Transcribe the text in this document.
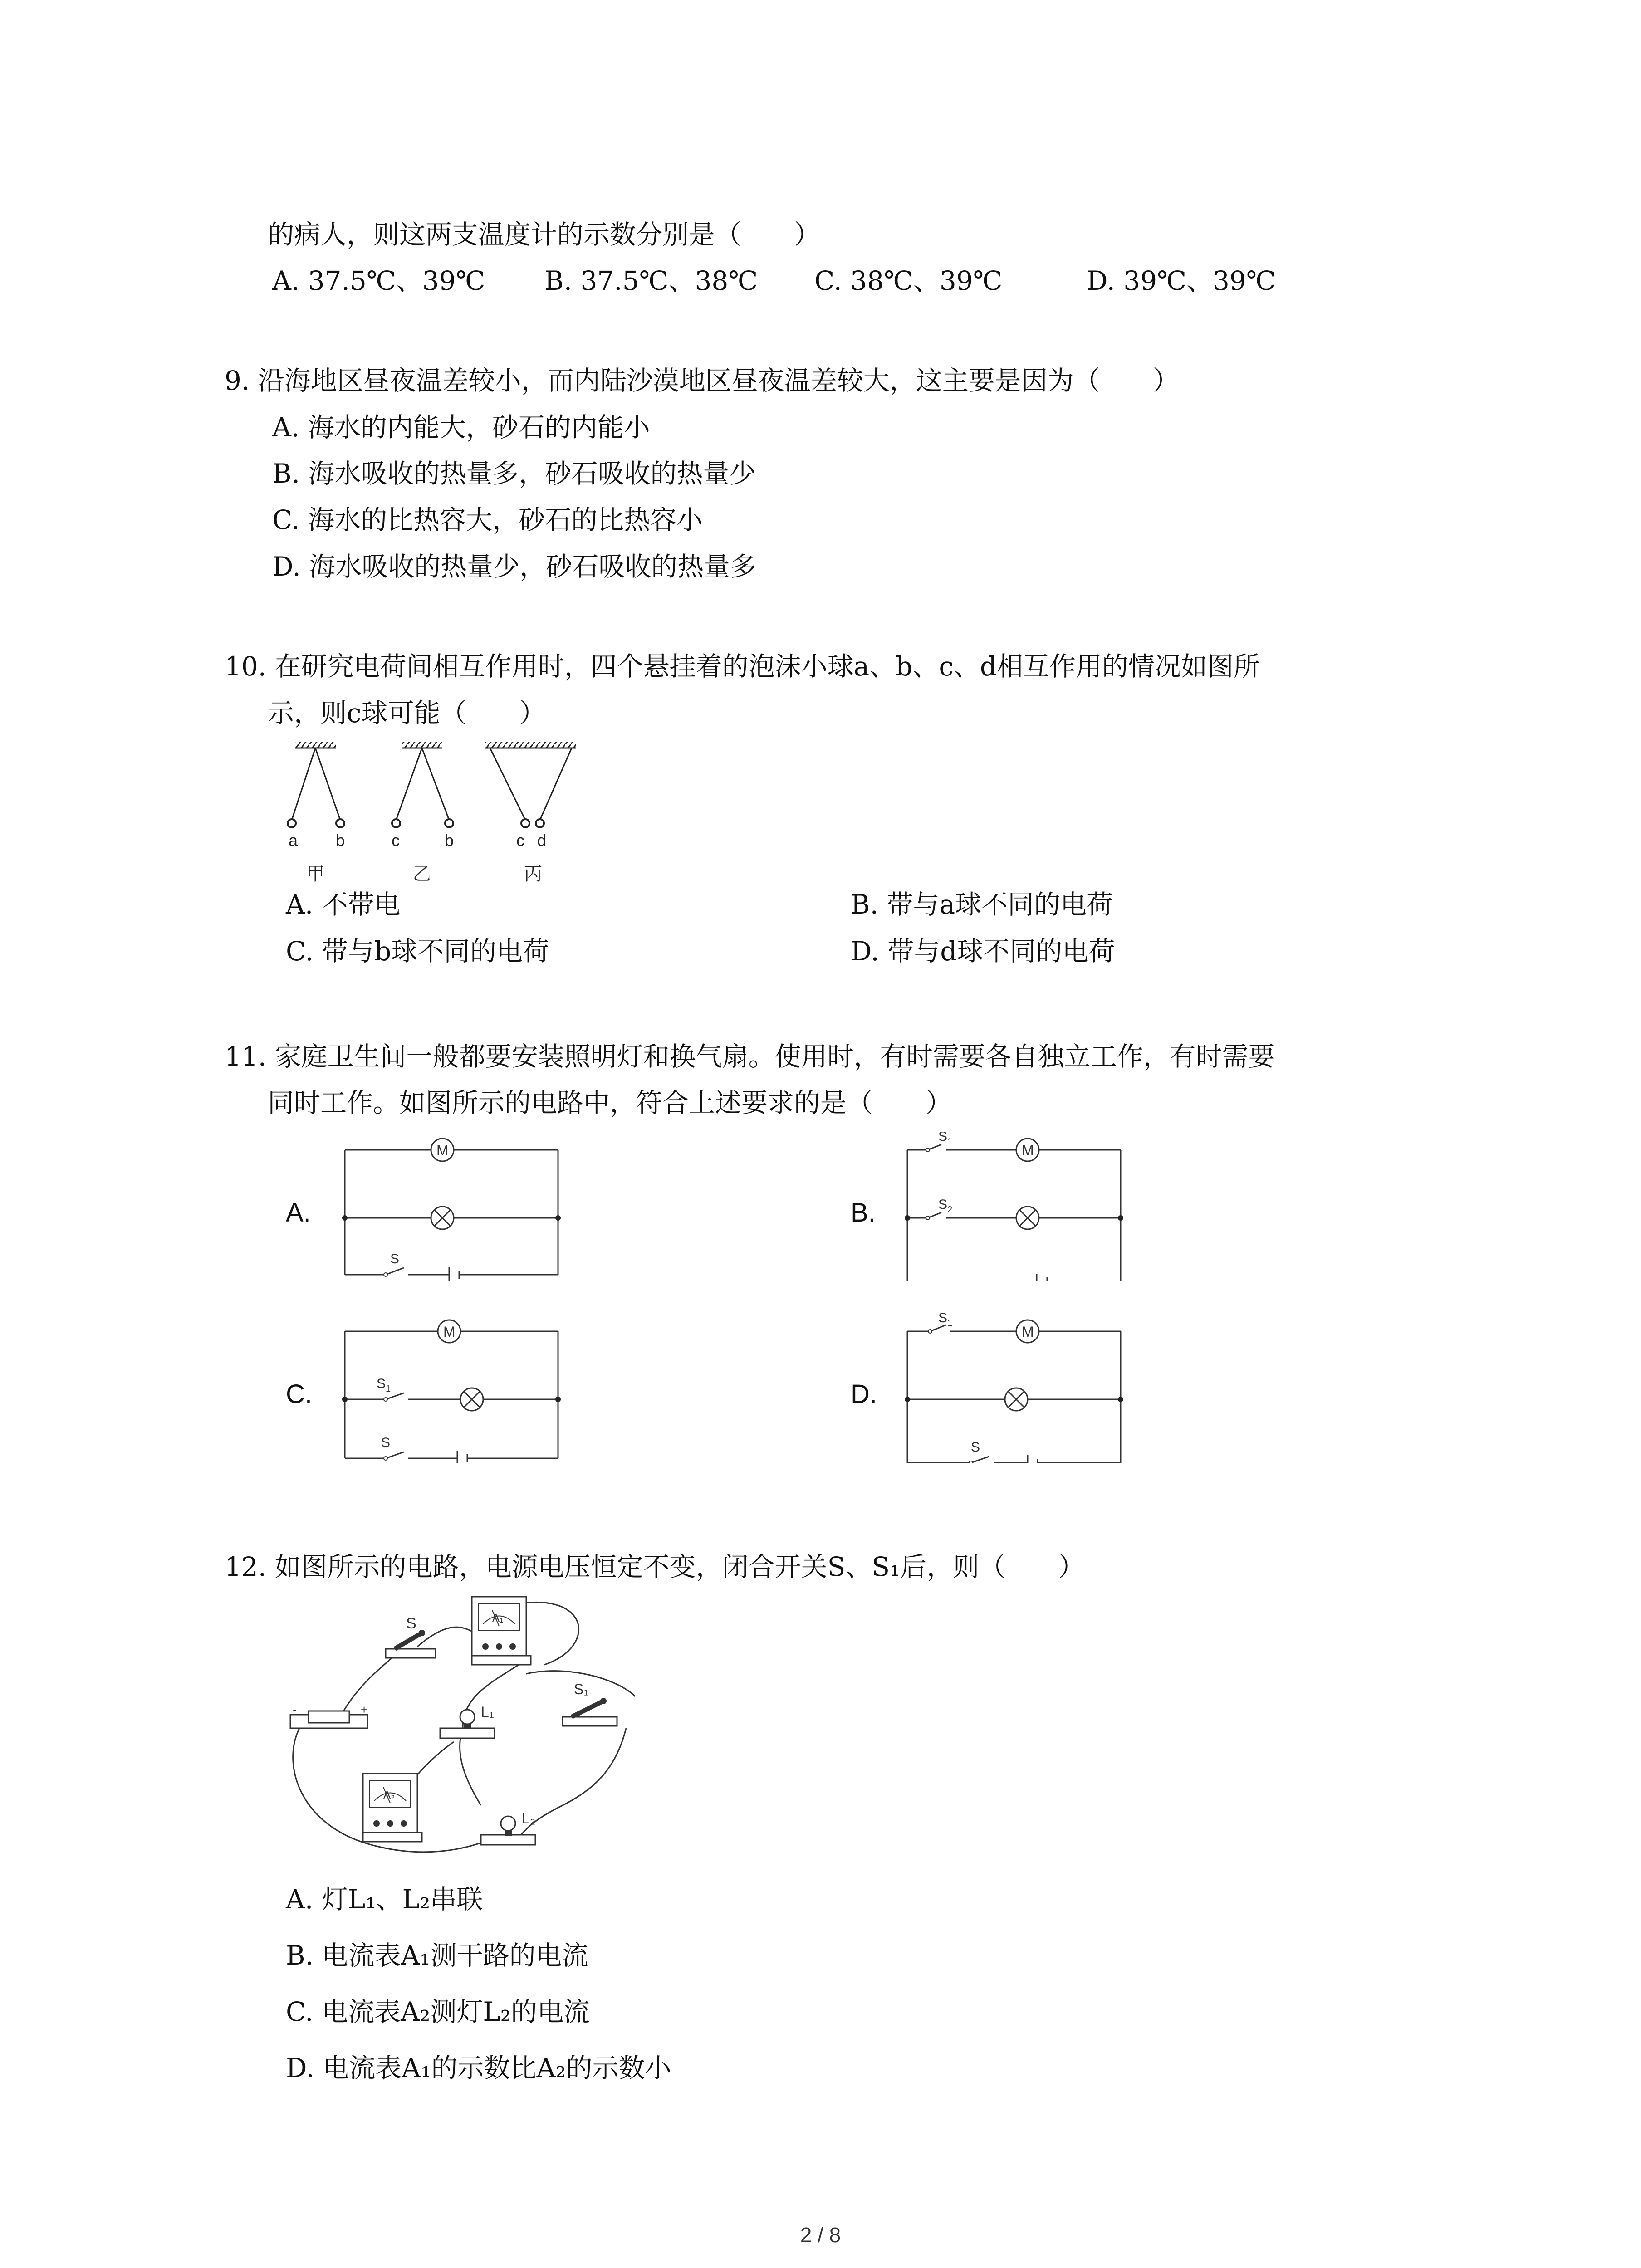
的病人，则这两支温度计的示数分别是（　　）
A. 37.5℃、39℃ B. 37.5℃、38℃ C. 38℃、39℃	D. 39℃、39℃
9. 沿海地区昼夜温差较小，而内陆沙漠地区昼夜温差较大，这主要是因为（　　）
A. 海水的内能大，砂石的内能小
B. 海水吸收的热量多，砂石吸收的热量少
C. 海水的比热容大，砂石的比热容小
D. 海水吸收的热量少，砂石吸收的热量多
10. 在研究电荷间相互作用时，四个悬挂着的泡沫小球a、b、c、d相互作用的情况如图所
示，则c球可能（　　）
a b	c	b	c d
甲	乙	丙
A. 不带电	B. 带与a球不同的电荷
C. 带与b球不同的电荷	D. 带与d球不同的电荷
11. 家庭卫生间一般都要安装照明灯和换气扇。使用时，有时需要各自独立工作，有时需要
同时工作。如图所示的电路中，符合上述要求的是（　　）
A.	B.
C.	D.
M
S
$S_1$
$S_2$
M
M
$S_1$
S
$S_1$
S
M
12. 如图所示的电路，电源电压恒定不变，闭合开关S、S₁后，则（　　）
S	A₁
-	+	L₁
S₁
A₂
L₂
A. 灯L₁、L₂串联
B. 电流表A₁测干路的电流
C. 电流表A₂测灯L₂的电流
D. 电流表A₁的示数比A₂的示数小
2 / 8
